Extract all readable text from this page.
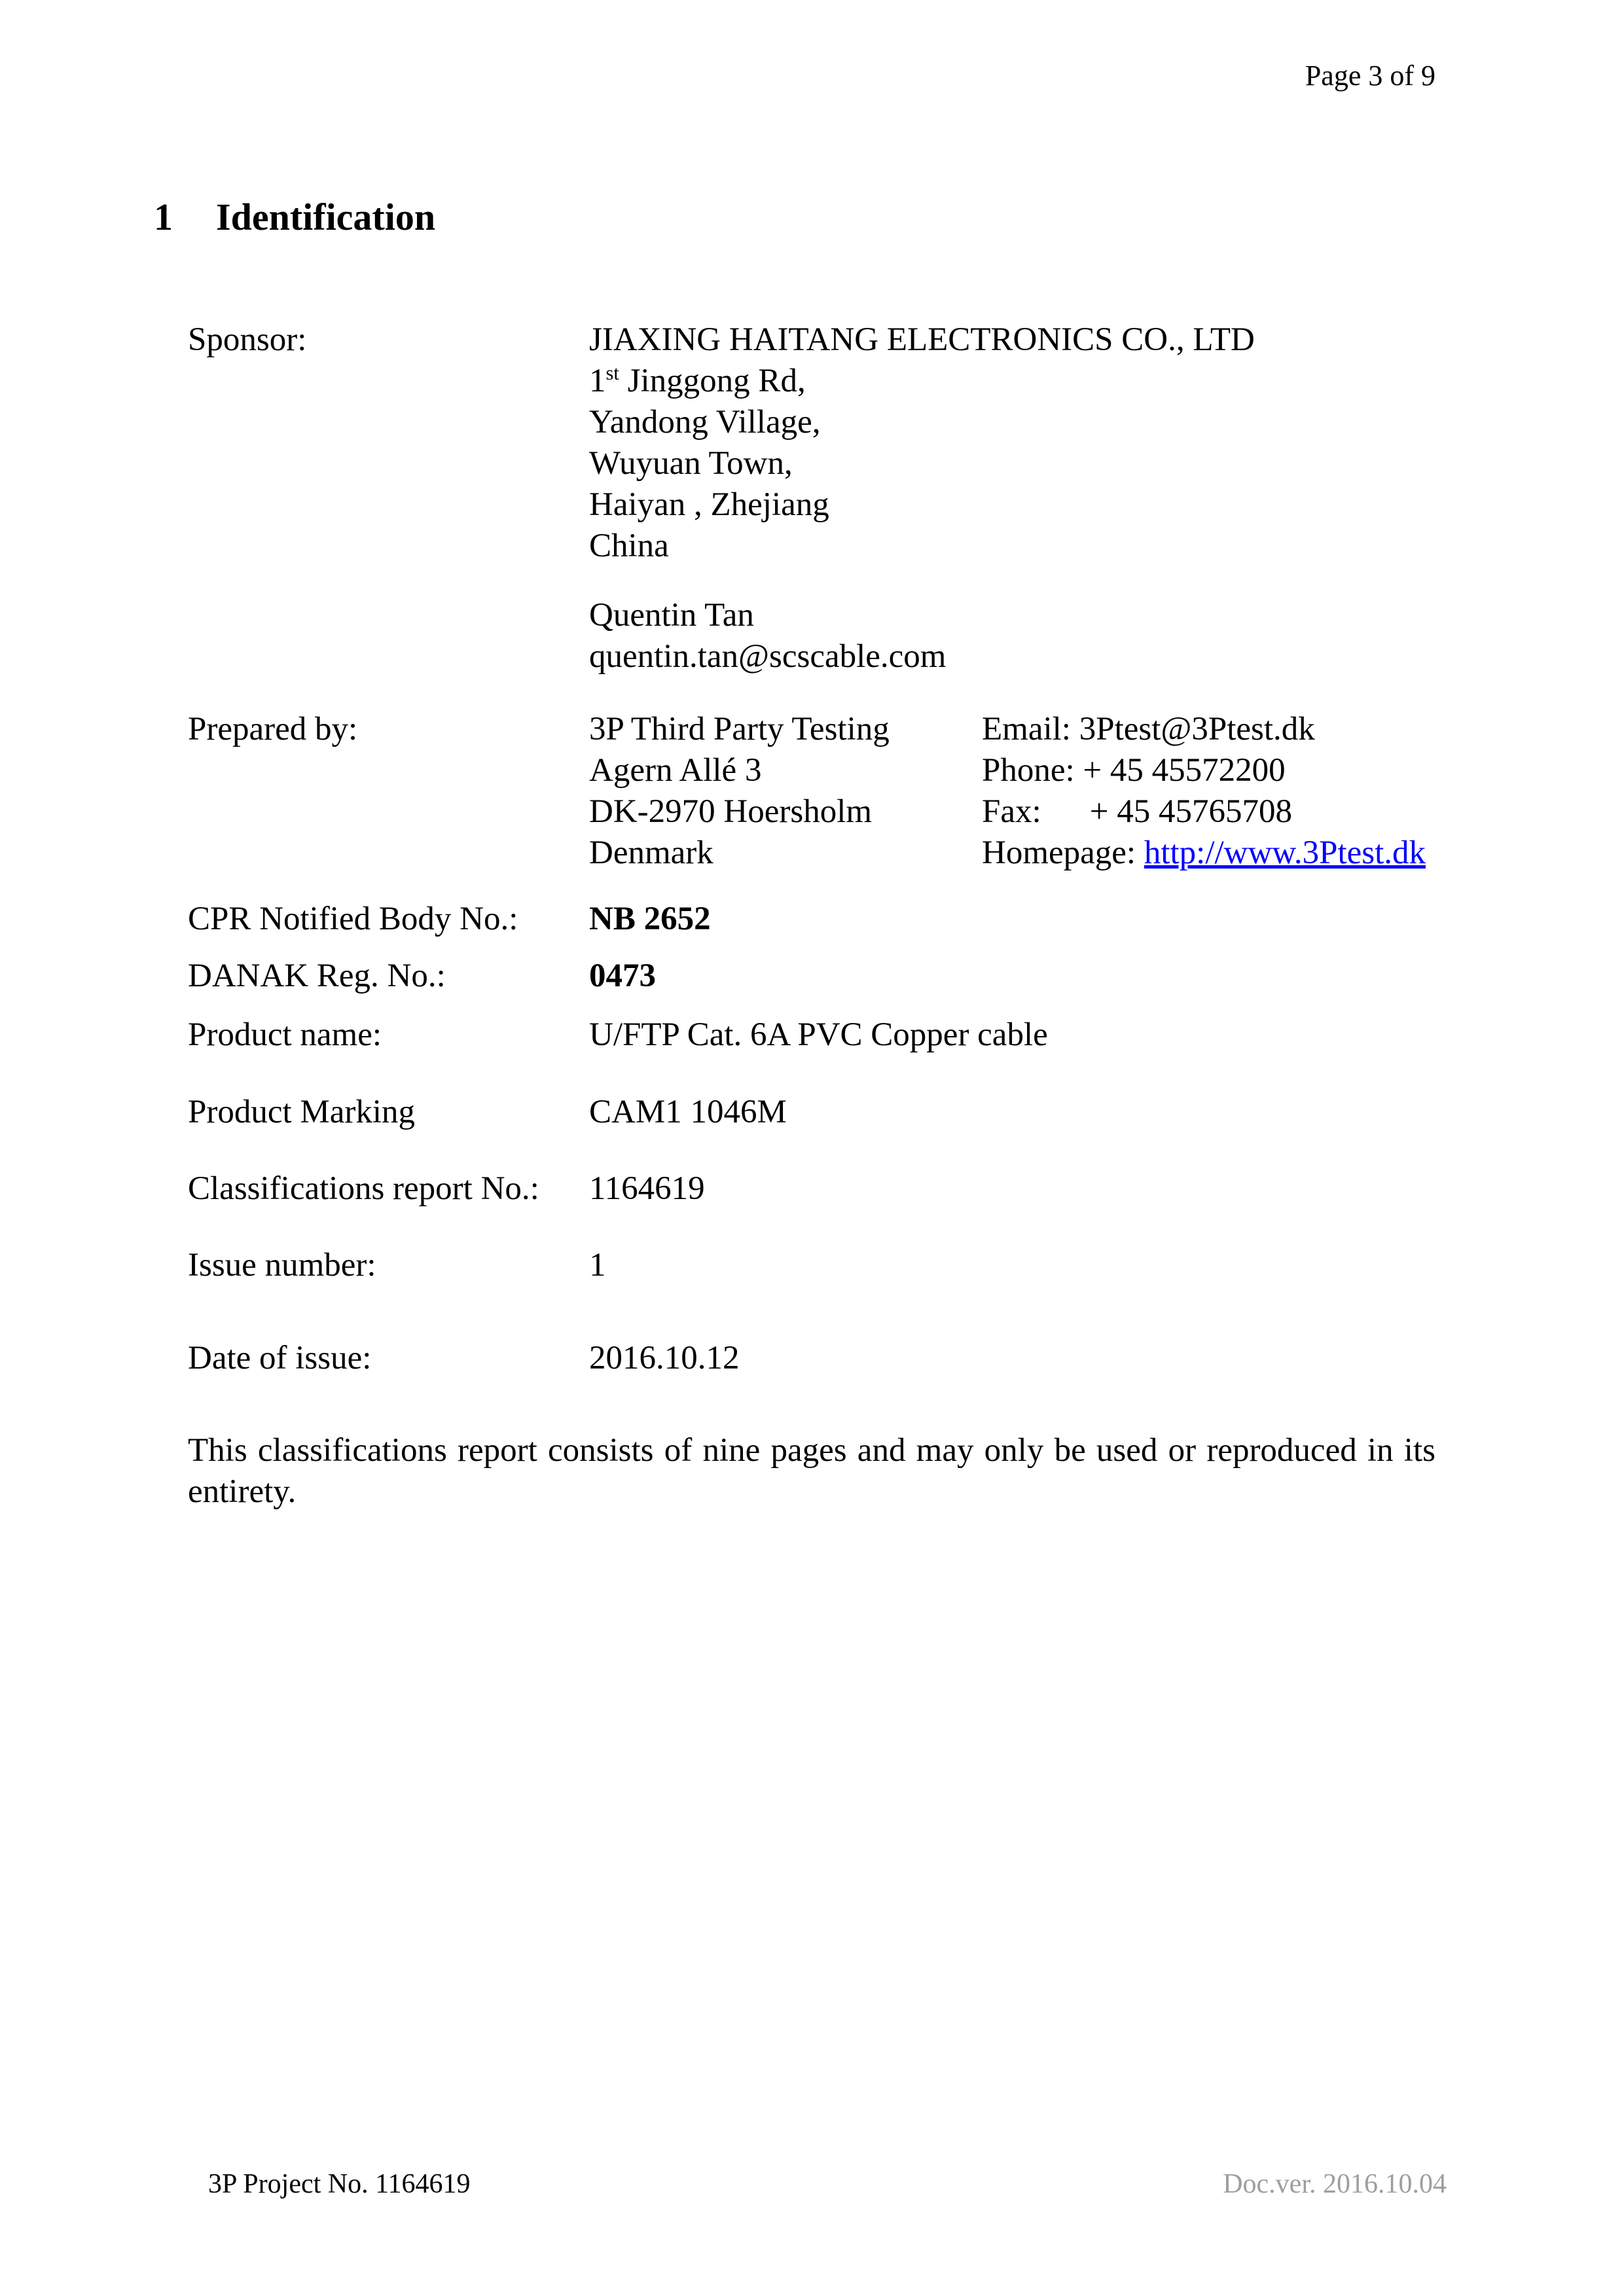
Page 3 of 9
1 Identification
Sponsor:	JIAXING HAITANG ELECTRONICS CO., LTD
1st Jinggong Rd,
Yandong Village,
Wuyuan Town,
Haiyan , Zhejiang
China
Quentin Tan
quentin.tan@scscable.com
Prepared by:	3P Third Party Testing
Agern Allé 3
DK-2970 Hoersholm
Denmark
Email: 3Ptest@3Ptest.dk
Phone: + 45 45572200
Fax: + 45 45765708
Homepage: http://www.3Ptest.dk
CPR Notified Body No.: NB 2652
DANAK Reg. No.:	0473
Product name:	U/FTP Cat. 6A PVC Copper cable
Product Marking	CAM1 1046M
Classifications report No.: 1164619
Issue number:	1
Date of issue:	2016.10.12
This classifications report consists of nine pages and may only be used or reproduced in its entirety.
3P Project No. 1164619	Doc.ver. 2016.10.04
